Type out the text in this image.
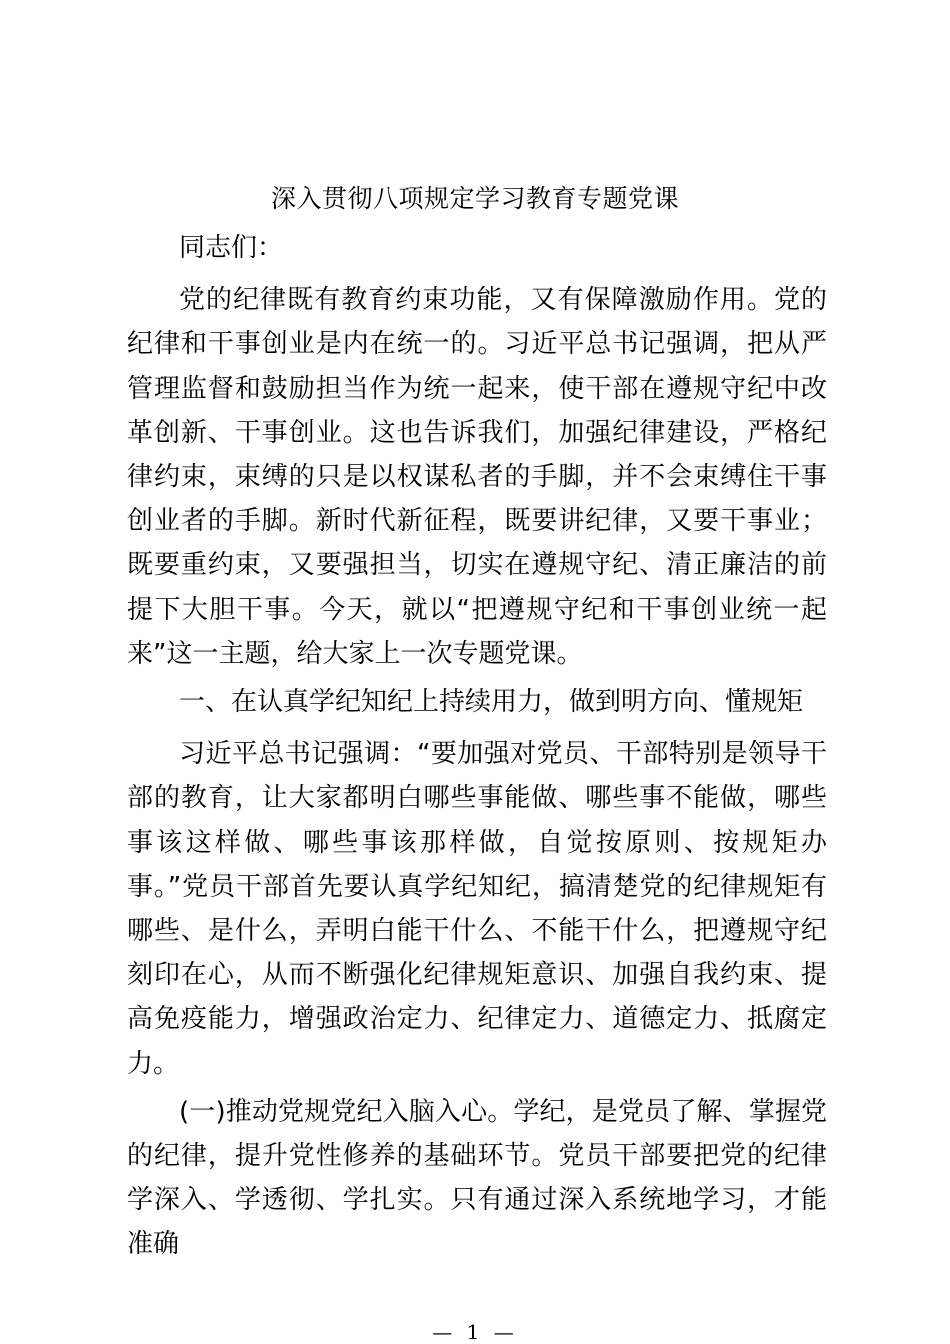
深入贯彻八项规定学习教育专题党课

同志们：

党的纪律既有教育约束功能，又有保障激励作用。党的纪律和干事创业是内在统一的。习近平总书记强调，把从严管理监督和鼓励担当作为统一起来，使干部在遵规守纪中改革创新、干事创业。这也告诉我们，加强纪律建设，严格纪律约束，束缚的只是以权谋私者的手脚，并不会束缚住干事创业者的手脚。新时代新征程，既要讲纪律，又要干事业；既要重约束，又要强担当，切实在遵规守纪、清正廉洁的前提下大胆干事。今天，就以“把遵规守纪和干事创业统一起来”这一主题，给大家上一次专题党课。

一、在认真学纪知纪上持续用力，做到明方向、懂规矩

习近平总书记强调：“要加强对党员、干部特别是领导干部的教育，让大家都明白哪些事能做、哪些事不能做，哪些事该这样做、哪些事该那样做，自觉按原则、按规矩办事。”党员干部首先要认真学纪知纪，搞清楚党的纪律规矩有哪些、是什么，弄明白能干什么、不能干什么，把遵规守纪刻印在心，从而不断强化纪律规矩意识、加强自我约束、提高免疫能力，增强政治定力、纪律定力、道德定力、抵腐定力。

(一)推动党规党纪入脑入心。学纪，是党员了解、掌握党的纪律，提升党性修养的基础环节。党员干部要把党的纪律学深入、学透彻、学扎实。只有通过深入系统地学习，才能准确

— 1 —
